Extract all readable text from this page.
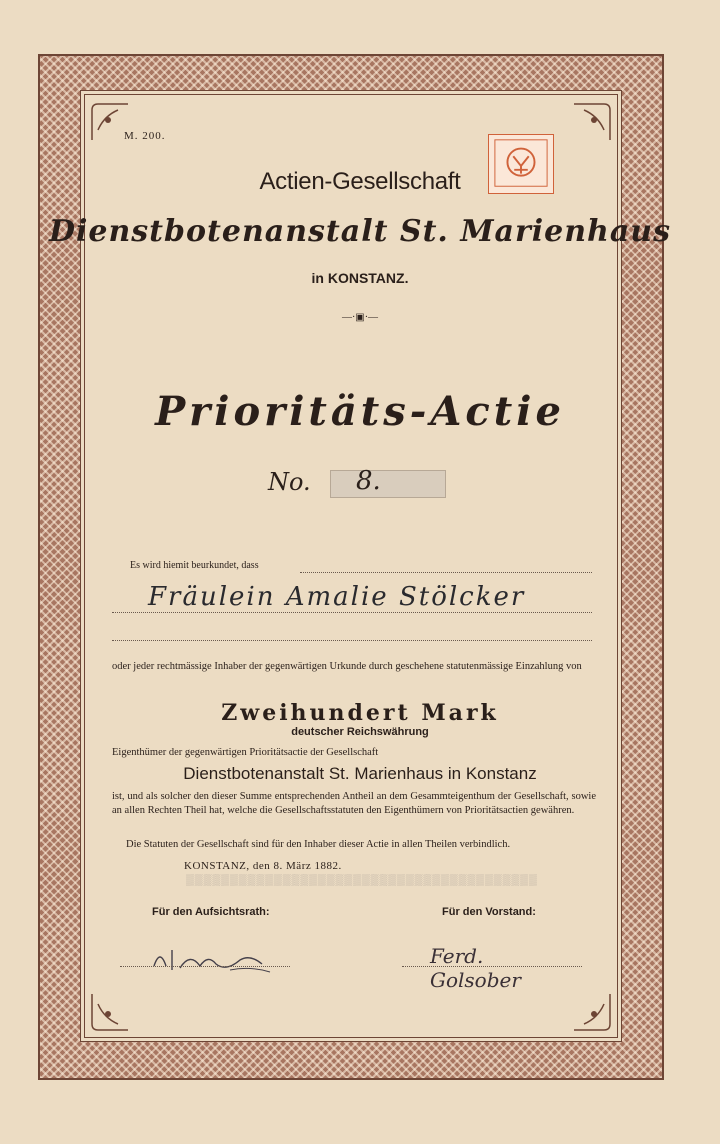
M. 200.
Actien-Gesellschaft
Dienstbotenanstalt St. Marienhaus
in KONSTANZ.
—·▣·—
Prioritäts-Actie
No. 8.
Es wird hiemit beurkundet, dass
Fräulein Amalie Stölcker
oder jeder rechtmässige Inhaber der gegenwärtigen Urkunde durch geschehene statutenmässige Einzahlung von
Zweihundert Mark
deutscher Reichswährung
Eigenthümer der gegenwärtigen Prioritätsactie der Gesellschaft
Dienstbotenanstalt St. Marienhaus in Konstanz
ist, und als solcher den dieser Summe entsprechenden Antheil an dem Gesammteigenthum der Gesellschaft, sowie an allen Rechten Theil hat, welche die Gesellschaftsstatuten den Eigenthümern von Prioritätsactien gewähren.
Die Statuten der Gesellschaft sind für den Inhaber dieser Actie in allen Theilen verbindlich.
KONSTANZ, den 8. März 1882.
▒▒▒▒▒▒▒▒▒▒▒▒▒▒▒▒▒▒▒▒▒▒▒▒▒▒▒▒▒▒▒▒▒▒▒▒▒▒▒▒
Für den Aufsichtsrath:	Für den Vorstand:
Ferd. Golsober
